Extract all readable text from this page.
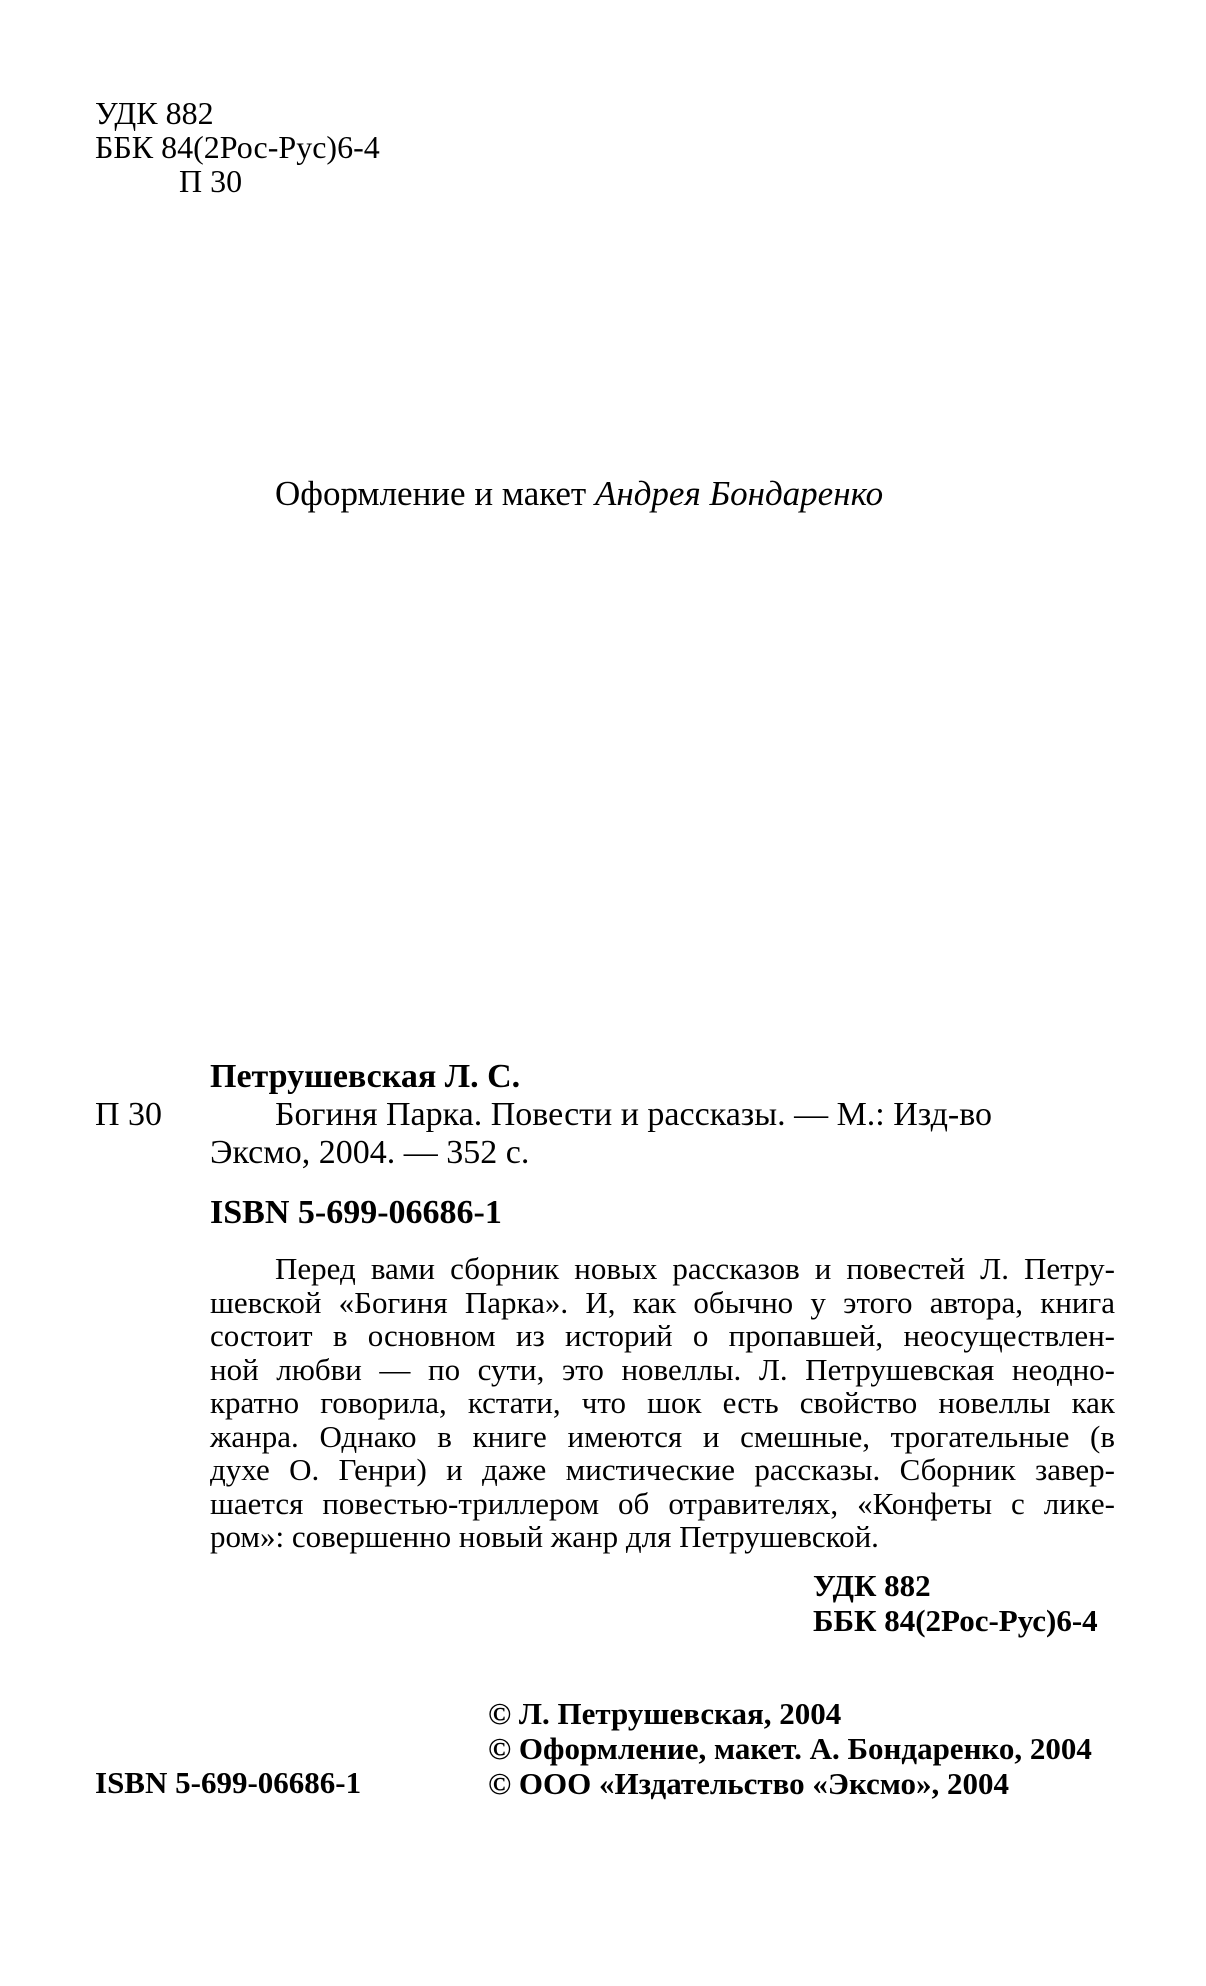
УДК 882
ББК 84(2Рос-Рус)6-4
П 30
Оформление и макет Андрея Бондаренко
П 30
Петрушевская Л. С.
Богиня Парка. Повести и рассказы. — М.: Изд-во
Эксмо, 2004. — 352 с.
ISBN 5-699-06686-1
Перед вами сборник новых рассказов и повестей Л. Петру-
шевской «Богиня Парка». И, как обычно у этого автора, книга
состоит в основном из историй о пропавшей, неосуществлен-
ной любви — по сути, это новеллы. Л. Петрушевская неодно-
кратно говорила, кстати, что шок есть свойство новеллы как
жанра. Однако в книге имеются и смешные, трогательные (в
духе О. Генри) и даже мистические рассказы. Сборник завер-
шается повестью-триллером об отравителях, «Конфеты с ликe-
ром»: совершенно новый жанр для Петрушевской.
УДК 882
ББК 84(2Рос-Рус)6-4
ISBN 5-699-06686-1
© Л. Петрушевская, 2004
© Оформление, макет. А. Бондаренко, 2004
© ООО «Издательство «Эксмо», 2004
